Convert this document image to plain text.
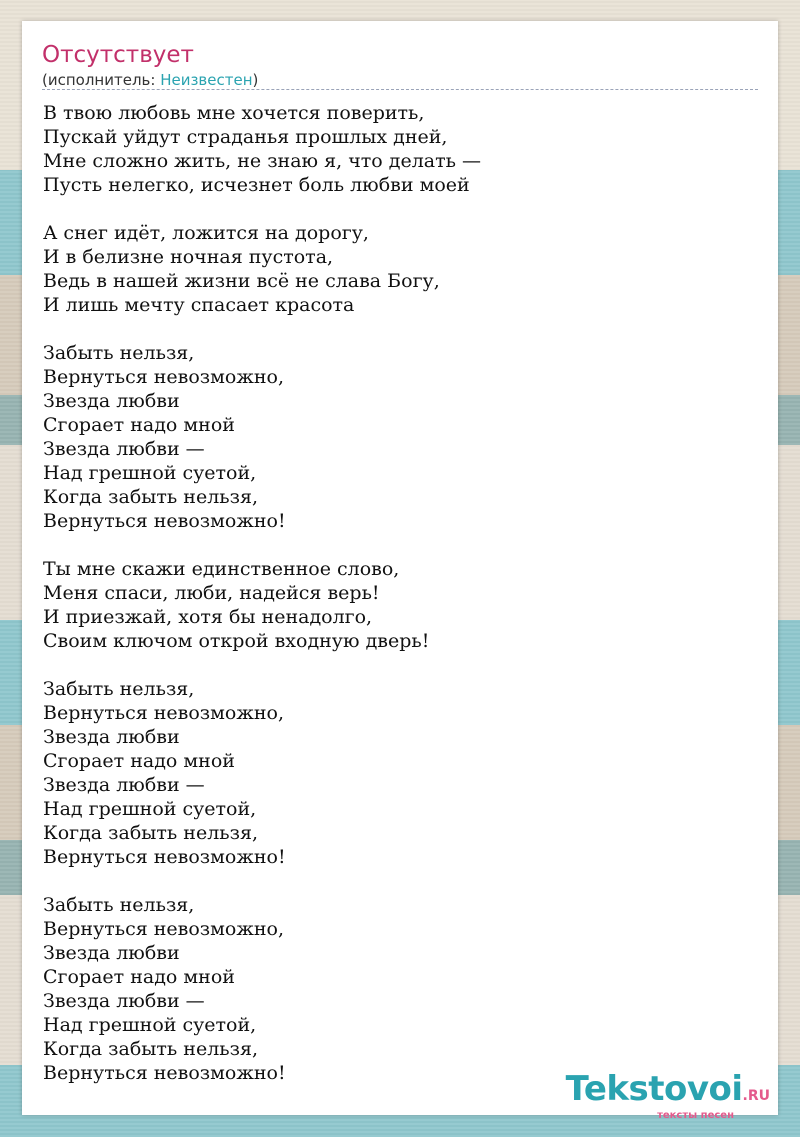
Отсутствует
(исполнитель: Неизвестен)
В твою любовь мне хочется поверить,
Пускай уйдут страданья прошлых дней,
Мне сложно жить, не знаю я, что делать —
Пусть нелегко, исчезнет боль любви моей
А снег идёт, ложится на дорогу,
И в белизне ночная пустота,
Ведь в нашей жизни всё не слава Богу,
И лишь мечту спасает красота
Забыть нельзя,
Вернуться невозможно,
Звезда любви
Сгорает надо мной
Звезда любви —
Над грешной суетой,
Когда забыть нельзя,
Вернуться невозможно!
Ты мне скажи единственное слово,
Меня спаси, люби, надейся верь!
И приезжай, хотя бы ненадолго,
Своим ключом открой входную дверь!
Забыть нельзя,
Вернуться невозможно,
Звезда любви
Сгорает надо мной
Звезда любви —
Над грешной суетой,
Когда забыть нельзя,
Вернуться невозможно!
Забыть нельзя,
Вернуться невозможно,
Звезда любви
Сгорает надо мной
Звезда любви —
Над грешной суетой,
Когда забыть нельзя,
Вернуться невозможно!	Tekstovoi.RU
тексты песен
